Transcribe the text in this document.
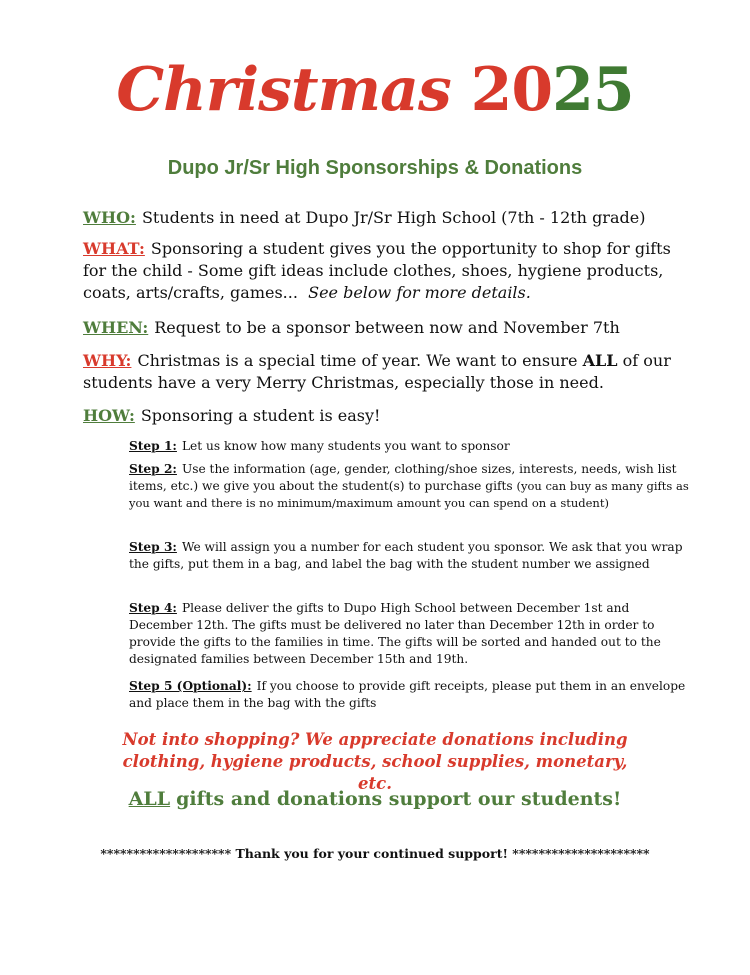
Christmas 2025
Dupo Jr/Sr High Sponsorships & Donations
WHO: Students in need at Dupo Jr/Sr High School (7th - 12th grade)
WHAT: Sponsoring a student gives you the opportunity to shop for gifts for the child - Some gift ideas include clothes, shoes, hygiene products, coats, arts/crafts, games... See below for more details.
WHEN: Request to be a sponsor between now and November 7th
WHY: Christmas is a special time of year. We want to ensure ALL of our students have a very Merry Christmas, especially those in need.
HOW: Sponsoring a student is easy!
Step 1: Let us know how many students you want to sponsor
Step 2: Use the information (age, gender, clothing/shoe sizes, interests, needs, wish list items, etc.) we give you about the student(s) to purchase gifts (you can buy as many gifts as you want and there is no minimum/maximum amount you can spend on a student)
Step 3: We will assign you a number for each student you sponsor. We ask that you wrap the gifts, put them in a bag, and label the bag with the student number we assigned
Step 4: Please deliver the gifts to Dupo High School between December 1st and December 12th. The gifts must be delivered no later than December 12th in order to provide the gifts to the families in time. The gifts will be sorted and handed out to the designated families between December 15th and 19th.
Step 5 (Optional): If you choose to provide gift receipts, please put them in an envelope and place them in the bag with the gifts
Not into shopping? We appreciate donations including clothing, hygiene products, school supplies, monetary, etc.
ALL gifts and donations support our students!
******************** Thank you for your continued support! *********************
